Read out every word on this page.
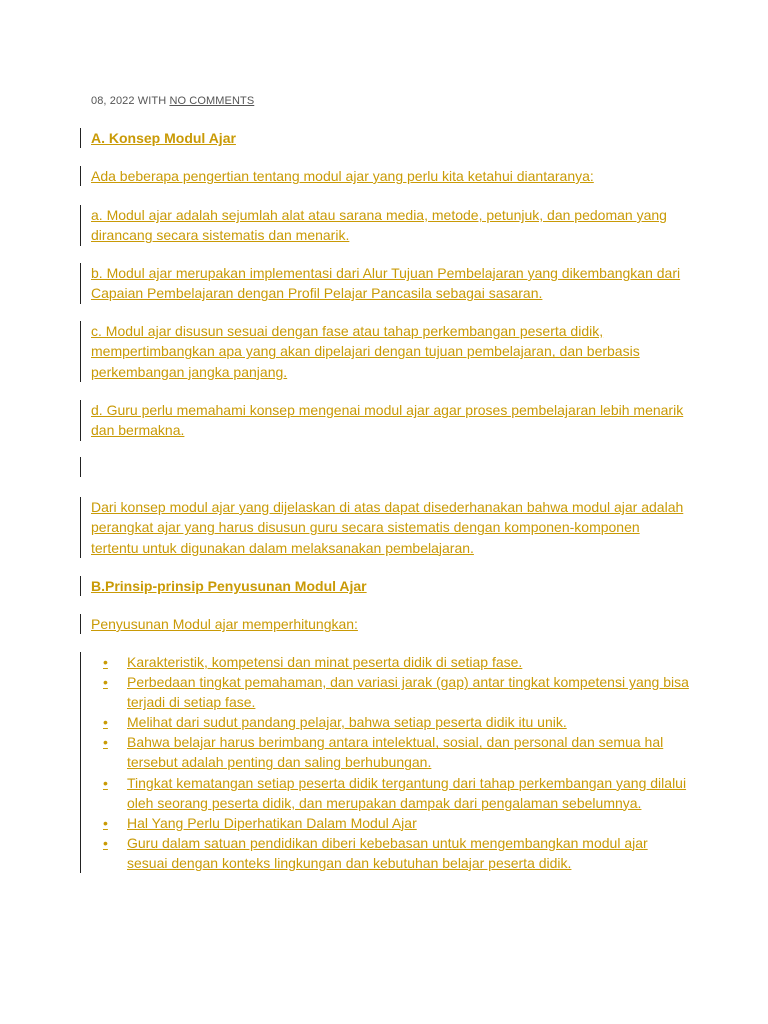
08, 2022 WITH NO COMMENTS
A. Konsep Modul Ajar
Ada beberapa pengertian tentang modul ajar yang perlu kita ketahui diantaranya:
a. Modul ajar adalah sejumlah alat atau sarana media, metode, petunjuk, dan pedoman yang dirancang secara sistematis dan menarik.
b. Modul ajar merupakan implementasi dari Alur Tujuan Pembelajaran yang dikembangkan dari Capaian Pembelajaran dengan Profil Pelajar Pancasila sebagai sasaran.
c. Modul ajar disusun sesuai dengan fase atau tahap perkembangan peserta didik, mempertimbangkan apa yang akan dipelajari dengan tujuan pembelajaran, dan berbasis perkembangan jangka panjang.
d. Guru perlu memahami konsep mengenai modul ajar agar proses pembelajaran lebih menarik dan bermakna.
Dari konsep modul ajar yang dijelaskan di atas dapat disederhanakan bahwa modul ajar adalah perangkat ajar yang harus disusun guru secara sistematis dengan komponen-komponen tertentu untuk digunakan dalam melaksanakan pembelajaran.
B.Prinsip-prinsip Penyusunan Modul Ajar
Penyusunan Modul ajar memperhitungkan:
• Karakteristik, kompetensi dan minat peserta didik di setiap fase.
• Perbedaan tingkat pemahaman, dan variasi jarak (gap) antar tingkat kompetensi yang bisa terjadi di setiap fase.
• Melihat dari sudut pandang pelajar, bahwa setiap peserta didik itu unik.
• Bahwa belajar harus berimbang antara intelektual, sosial, dan personal dan semua hal tersebut adalah penting dan saling berhubungan.
• Tingkat kematangan setiap peserta didik tergantung dari tahap perkembangan yang dilalui oleh seorang peserta didik, dan merupakan dampak dari pengalaman sebelumnya.
• Hal Yang Perlu Diperhatikan Dalam Modul Ajar
• Guru dalam satuan pendidikan diberi kebebasan untuk mengembangkan modul ajar sesuai dengan konteks lingkungan dan kebutuhan belajar peserta didik.
